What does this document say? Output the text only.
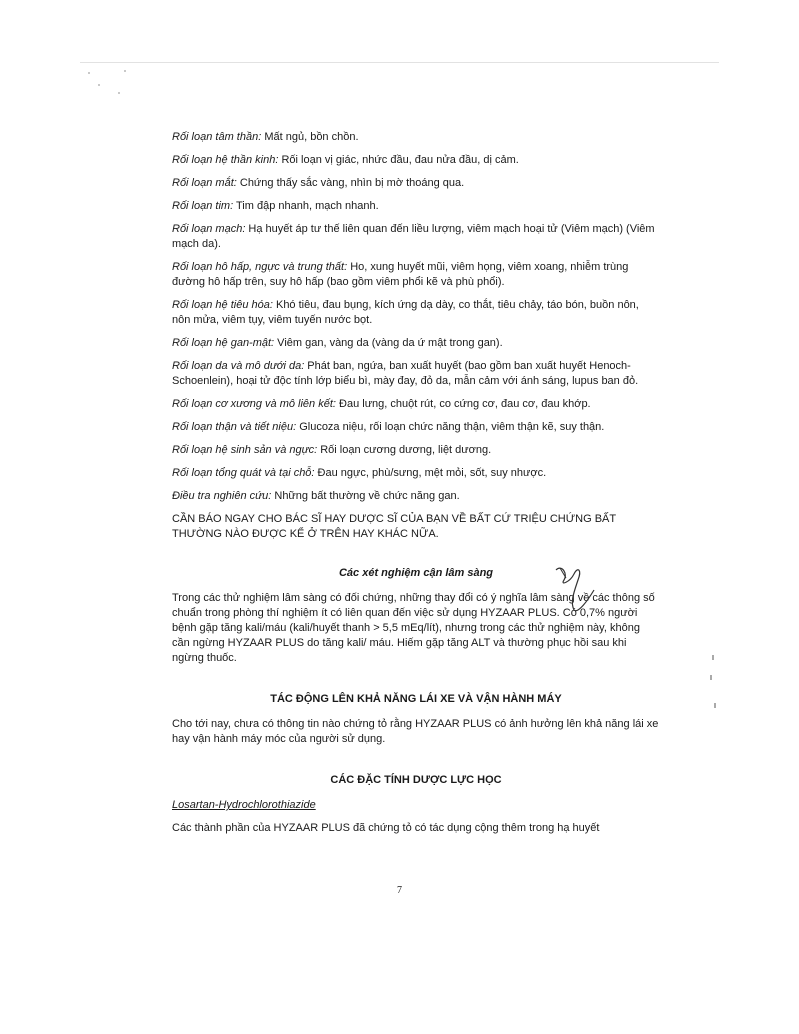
Rối loạn tâm thần: Mất ngủ, bồn chồn.

Rối loạn hệ thần kinh: Rối loạn vị giác, nhức đầu, đau nửa đầu, dị cảm.

Rối loạn mắt: Chứng thấy sắc vàng, nhìn bị mờ thoáng qua.

Rối loạn tim: Tim đập nhanh, mạch nhanh.

Rối loạn mạch: Hạ huyết áp tư thế liên quan đến liều lượng, viêm mạch hoại tử (Viêm mạch) (Viêm mạch da).

Rối loạn hô hấp, ngực và trung thất: Ho, xung huyết mũi, viêm họng, viêm xoang, nhiễm trùng đường hô hấp trên, suy hô hấp (bao gồm viêm phổi kẽ và phù phổi).

Rối loạn hệ tiêu hóa: Khó tiêu, đau bụng, kích ứng dạ dày, co thắt, tiêu chảy, táo bón, buồn nôn, nôn mửa, viêm tụy, viêm tuyến nước bọt.

Rối loạn hệ gan-mật: Viêm gan, vàng da (vàng da ứ mật trong gan).

Rối loạn da và mô dưới da: Phát ban, ngứa, ban xuất huyết (bao gồm ban xuất huyết Henoch-Schoenlein), hoại tử độc tính lớp biểu bì, mày đay, đỏ da, mẫn cảm với ánh sáng, lupus ban đỏ.

Rối loạn cơ xương và mô liên kết: Đau lưng, chuột rút, co cứng cơ, đau cơ, đau khớp.

Rối loạn thận và tiết niệu: Glucoza niệu, rối loạn chức năng thận, viêm thận kẽ, suy thận.

Rối loạn hệ sinh sản và ngực: Rối loạn cương dương, liệt dương.

Rối loạn tổng quát và tại chỗ: Đau ngực, phù/sưng, mệt mỏi, sốt, suy nhược.

Điều tra nghiên cứu: Những bất thường về chức năng gan.

CẦN BÁO NGAY CHO BÁC SĨ HAY DƯỢC SĨ CỦA BẠN VỀ BẤT CỨ TRIỆU CHỨNG BẤT THƯỜNG NÀO ĐƯỢC KỂ Ở TRÊN HAY KHÁC NỮA.

Các xét nghiệm cận lâm sàng

Trong các thử nghiệm lâm sàng có đối chứng, những thay đổi có ý nghĩa lâm sàng về các thông số chuẩn trong phòng thí nghiệm ít có liên quan đến việc sử dụng HYZAAR PLUS. Có 0,7% người bệnh gặp tăng kali/máu (kali/huyết thanh > 5,5 mEq/lít), nhưng trong các thử nghiệm này, không cần ngừng HYZAAR PLUS do tăng kali/ máu. Hiếm gặp tăng ALT và thường phục hồi sau khi ngừng thuốc.

TÁC ĐỘNG LÊN KHẢ NĂNG LÁI XE VÀ VẬN HÀNH MÁY

Cho tới nay, chưa có thông tin nào chứng tỏ rằng HYZAAR PLUS có ảnh hưởng lên khả năng lái xe hay vận hành máy móc của người sử dụng.

CÁC ĐẶC TÍNH DƯỢC LỰC HỌC

Losartan-Hydrochlorothiazide

Các thành phần của HYZAAR PLUS đã chứng tỏ có tác dụng cộng thêm trong hạ huyết

7
